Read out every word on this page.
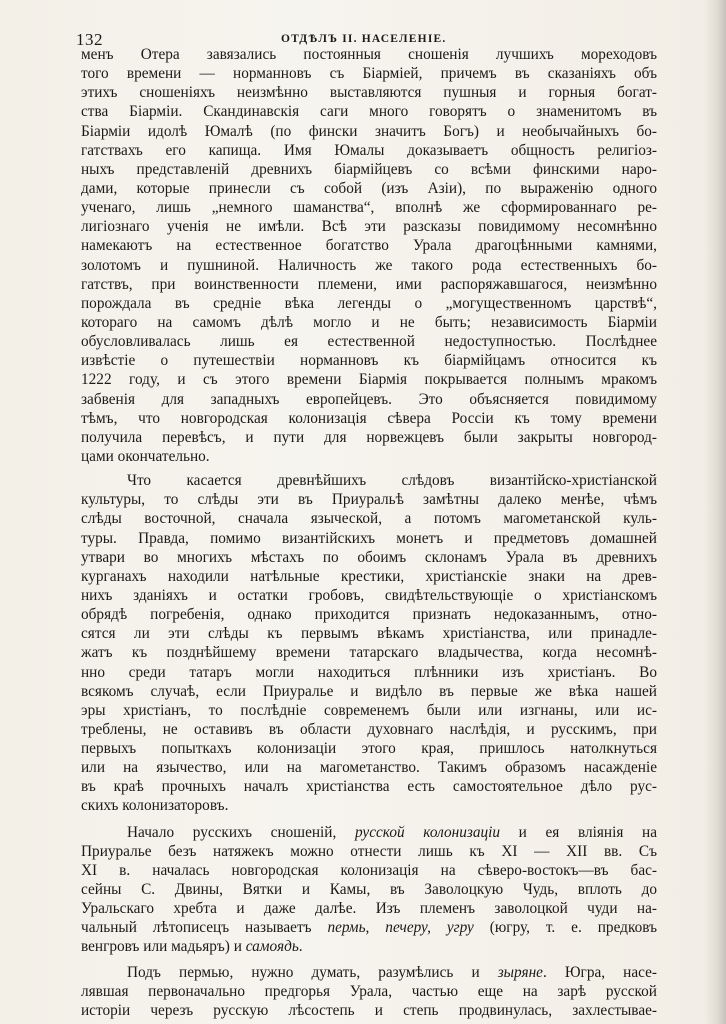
132	ОТДѢЛЪ II. НАСЕЛЕНІЕ.
менъ Отера завязались постоянныя сношенія лучшихъ мореходовъ
того времени — норманновъ съ Біарміей, причемъ въ сказаніяхъ объ
этихъ сношеніяхъ неизмѣнно выставляются пушныя и горныя богат-
ства Біарміи. Скандинавскія саги много говорятъ о знаменитомъ въ
Біарміи идолѣ Юмалѣ (по фински значитъ Богъ) и необычайныхъ бо-
гатствахъ его капища. Имя Юмалы доказываетъ общность религіоз-
ныхъ представленій древнихъ біармійцевъ со всѣми финскими наро-
дами, которые принесли съ собой (изъ Азіи), по выраженію одного
ученаго, лишь „немного шаманства“, вполнѣ же сформированнаго ре-
лигіознаго ученія не имѣли. Всѣ эти разсказы повидимому несомнѣнно
намекаютъ на естественное богатство Урала драгоцѣнными камнями,
золотомъ и пушниной. Наличность же такого рода естественныхъ бо-
гатствъ, при воинственности племени, ими распоряжавшагося, неизмѣнно
порождала въ средніе вѣка легенды о „могущественномъ царствѣ“,
котораго на самомъ дѣлѣ могло и не быть; независимость Біарміи
обусловливалась лишь ея естественной недоступностью. Послѣднее
извѣстіе о путешествіи норманновъ къ біармійцамъ относится къ
1222 году, и съ этого времени Біармія покрывается полнымъ мракомъ
забвенія для западныхъ европейцевъ. Это объясняется повидимому
тѣмъ, что новгородская колонизація сѣвера Россіи къ тому времени
получила перевѣсъ, и пути для норвежцевъ были закрыты новгород-
цами окончательно.
Что касается древнѣйшихъ слѣдовъ византійско-христіанской
культуры, то слѣды эти въ Приуральѣ замѣтны далеко менѣе, чѣмъ
слѣды восточной, сначала языческой, а потомъ магометанской куль-
туры. Правда, помимо византійскихъ монетъ и предметовъ домашней
утвари во многихъ мѣстахъ по обоимъ склонамъ Урала въ древнихъ
курганахъ находили натѣльные крестики, христіанскіе знаки на древ-
нихъ зданіяхъ и остатки гробовъ, свидѣтельствующіе о христіанскомъ
обрядѣ погребенія, однако приходится признать недоказаннымъ, отно-
сятся ли эти слѣды къ первымъ вѣкамъ христіанства, или принадле-
жатъ къ позднѣйшему времени татарскаго владычества, когда несомнѣ-
нно среди татаръ могли находиться плѣнники изъ христіанъ. Во
всякомъ случаѣ, если Приуралье и видѣло въ первые же вѣка нашей
эры христіанъ, то послѣдніе современемъ были или изгнаны, или ис-
треблены, не оставивъ въ области духовнаго наслѣдія, и русскимъ, при
первыхъ попыткахъ колонизаціи этого края, пришлось натолкнуться
или на язычество, или на магометанство. Такимъ образомъ насажденіе
въ краѣ прочныхъ началъ христіанства есть самостоятельное дѣло рус-
скихъ колонизаторовъ.
Начало русскихъ сношеній, русской колонизаціи и ея вліянія на
Приуралье безъ натяжекъ можно отнести лишь къ XI — XII вв. Съ
XI в. началась новгородская колонизація на сѣверо-востокъ—въ бас-
сейны С. Двины, Вятки и Камы, въ Заволоцкую Чудь, вплоть до
Уральскаго хребта и даже далѣе. Изъ племенъ заволоцкой чуди на-
чальный лѣтописецъ называетъ пермь, печеру, угру (югру, т. е. предковъ
венгровъ или мадьяръ) и самоядь.
Подъ пермью, нужно думать, разумѣлись и зыряне. Югра, насе-
лявшая первоначально предгорья Урала, частью еще на зарѣ русской
исторіи черезъ русскую лѣсостепь и степь продвинулась, захлестывае-
